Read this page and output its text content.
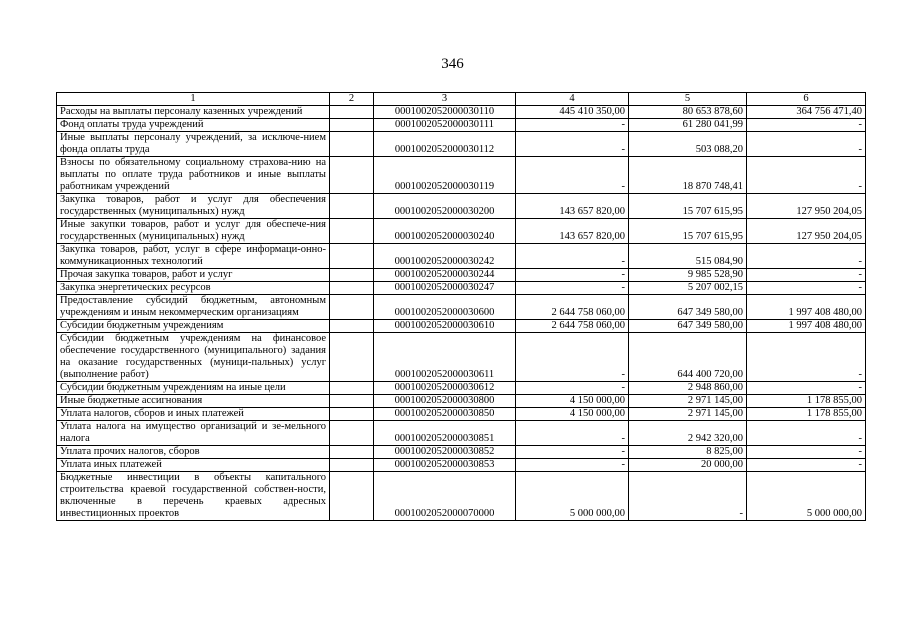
346
1	2	3	4	5	6
Расходы на выплаты персоналу казенных учреждений		0001002052000030110	445 410 350,00	80 653 878,60	364 756 471,40
Фонд оплаты труда учреждений		0001002052000030111	-	61 280 041,99	-
Иные выплаты персоналу учреждений, за исключе-нием фонда оплаты труда		0001002052000030112	-	503 088,20	-
Взносы по обязательному социальному страхова-нию на выплаты по оплате труда работников и иные выплаты работникам учреждений		0001002052000030119	-	18 870 748,41	-
Закупка товаров, работ и услуг для обеспечения государственных (муниципальных) нужд		0001002052000030200	143 657 820,00	15 707 615,95	127 950 204,05
Иные закупки товаров, работ и услуг для обеспече-ния государственных (муниципальных) нужд		0001002052000030240	143 657 820,00	15 707 615,95	127 950 204,05
Закупка товаров, работ, услуг в сфере информаци-онно-коммуникационных технологий		0001002052000030242	-	515 084,90	-
Прочая закупка товаров, работ и услуг		0001002052000030244	-	9 985 528,90	-
Закупка энергетических ресурсов		0001002052000030247	-	5 207 002,15	-
Предоставление субсидий бюджетным, автономным учреждениям и иным некоммерческим организациям		0001002052000030600	2 644 758 060,00	647 349 580,00	1 997 408 480,00
Субсидии бюджетным учреждениям		0001002052000030610	2 644 758 060,00	647 349 580,00	1 997 408 480,00
Субсидии бюджетным учреждениям на финансовое обеспечение государственного (муниципального) задания на оказание государственных (муници-пальных) услуг (выполнение работ)		0001002052000030611	-	644 400 720,00	-
Субсидии бюджетным учреждениям на иные цели		0001002052000030612	-	2 948 860,00	-
Иные бюджетные ассигнования		0001002052000030800	4 150 000,00	2 971 145,00	1 178 855,00
Уплата налогов, сборов и иных платежей		0001002052000030850	4 150 000,00	2 971 145,00	1 178 855,00
Уплата налога на имущество организаций и зе-мельного налога		0001002052000030851	-	2 942 320,00	-
Уплата прочих налогов, сборов		0001002052000030852	-	8 825,00	-
Уплата иных платежей		0001002052000030853	-	20 000,00	-
Бюджетные инвестиции в объекты капитального строительства краевой государственной собствен-ности, включенные в перечень краевых адресных инвестиционных проектов		0001002052000070000	5 000 000,00	-	5 000 000,00
